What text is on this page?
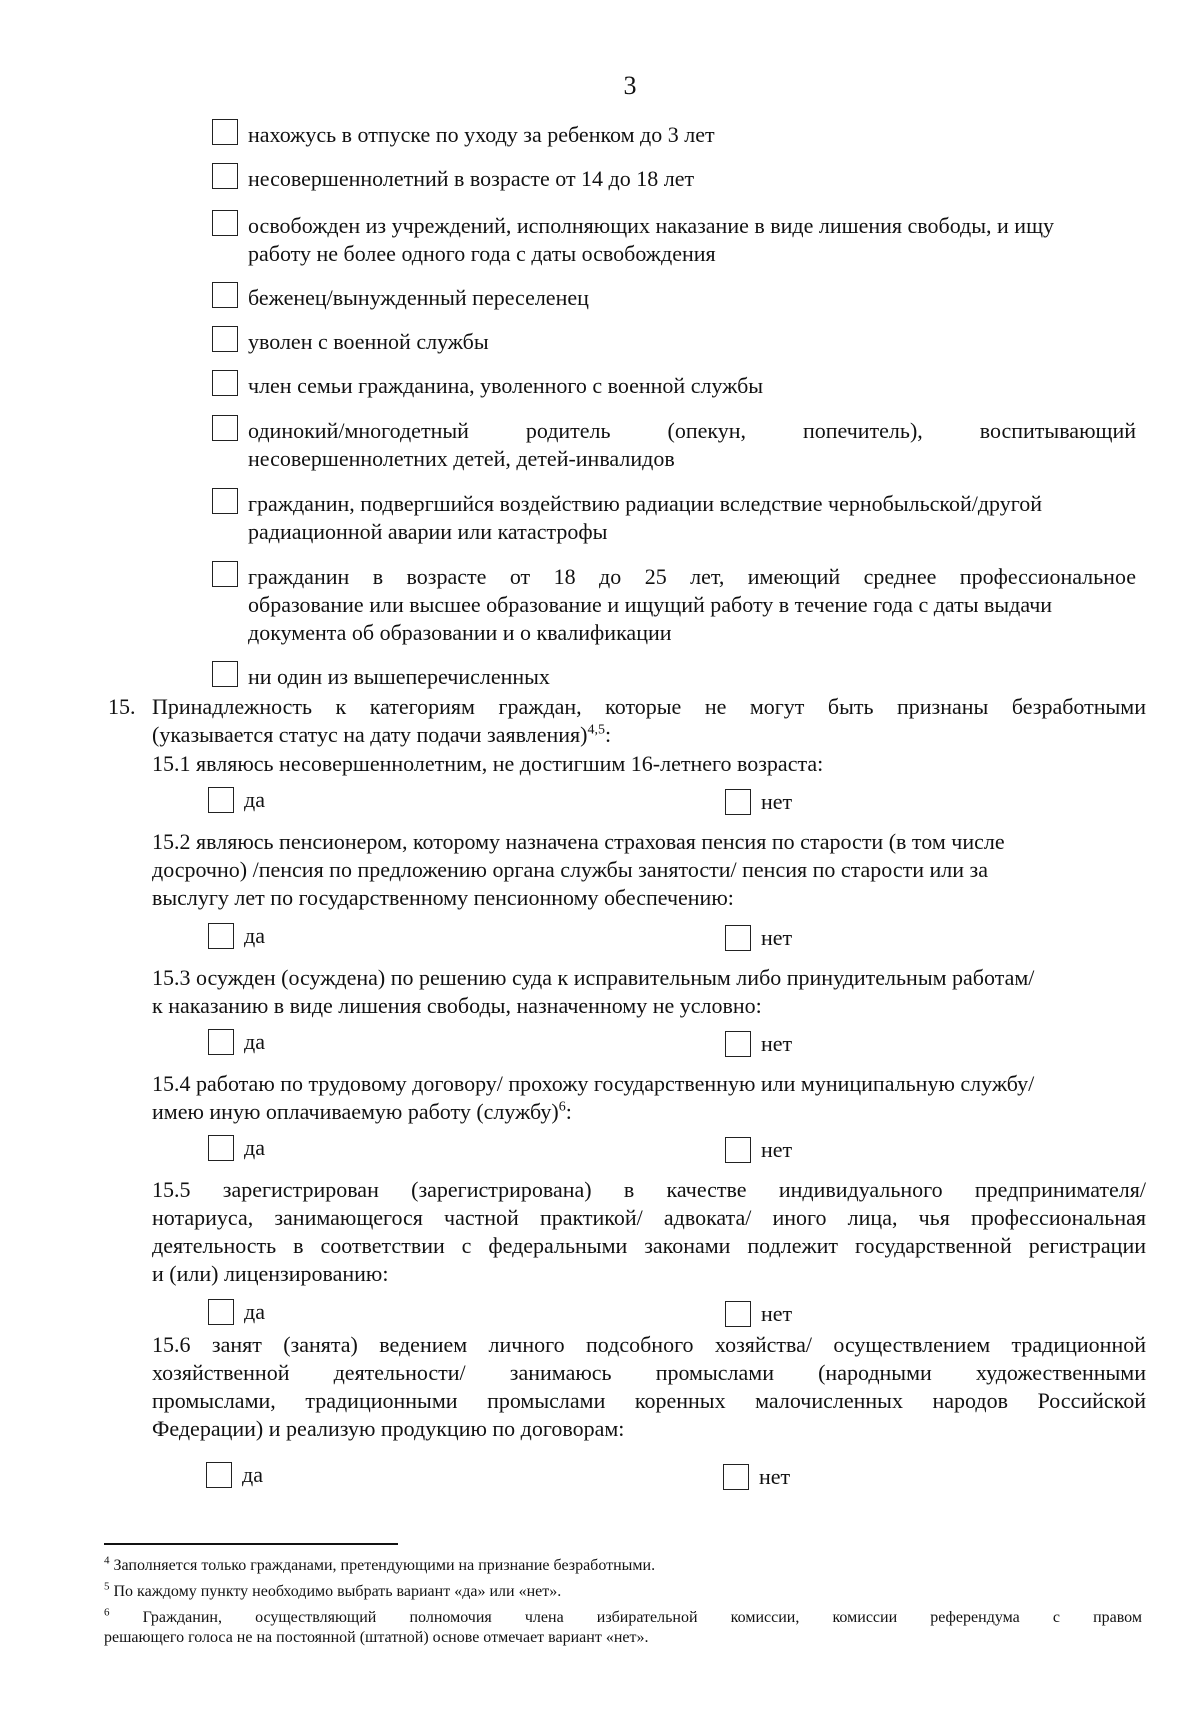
3
нахожусь в отпуске по уходу за ребенком до 3 лет
несовершеннолетний в возрасте от 14 до 18 лет
освобожден из учреждений, исполняющих наказание в виде лишения свободы, и ищу
работу не более одного года с даты освобождения
беженец/вынужденный переселенец
уволен с военной службы
член семьи гражданина, уволенного с военной службы
одинокий/многодетный родитель (опекун, попечитель), воспитывающий
несовершеннолетних детей, детей-инвалидов
гражданин, подвергшийся воздействию радиации вследствие чернобыльской/другой
радиационной аварии или катастрофы
гражданин в возрасте от 18 до 25 лет, имеющий среднее профессиональное
образование или высшее образование и ищущий работу в течение года с даты выдачи
документа об образовании и о квалификации
ни один из вышеперечисленных
15. Принадлежность к категориям граждан, которые не могут быть признаны безработными
(указывается статус на дату подачи заявления)$^{4,5}$:
15.1 являюсь несовершеннолетним, не достигшим 16-летнего возраста:
да	нет
15.2 являюсь пенсионером, которому назначена страховая пенсия по старости (в том числе
досрочно) /пенсия по предложению органа службы занятости/ пенсия по старости или за
выслугу лет по государственному пенсионному обеспечению:
да	нет
15.3 осужден (осуждена) по решению суда к исправительным либо принудительным работам/
к наказанию в виде лишения свободы, назначенному не условно:
да	нет
15.4 работаю по трудовому договору/ прохожу государственную или муниципальную службу/
имею иную оплачиваемую работу (службу)$^6$:
да	нет
15.5 зарегистрирован (зарегистрирована) в качестве индивидуального предпринимателя/
нотариуса, занимающегося частной практикой/ адвоката/ иного лица, чья профессиональная
деятельность в соответствии с федеральными законами подлежит государственной регистрации
и (или) лицензированию:
да	нет
15.6 занят (занята) ведением личного подсобного хозяйства/ осуществлением традиционной
хозяйственной деятельности/ занимаюсь промыслами (народными художественными
промыслами, традиционными промыслами коренных малочисленных народов Российской
Федерации) и реализую продукцию по договорам:
да	нет
$^4$ Заполняется только гражданами, претендующими на признание безработными.
$^5$ По каждому пункту необходимо выбрать вариант «да» или «нет».
$^6$ Гражданин, осуществляющий полномочия члена избирательной комиссии, комиссии референдума с правом
решающего голоса не на постоянной (штатной) основе отмечает вариант «нет».
